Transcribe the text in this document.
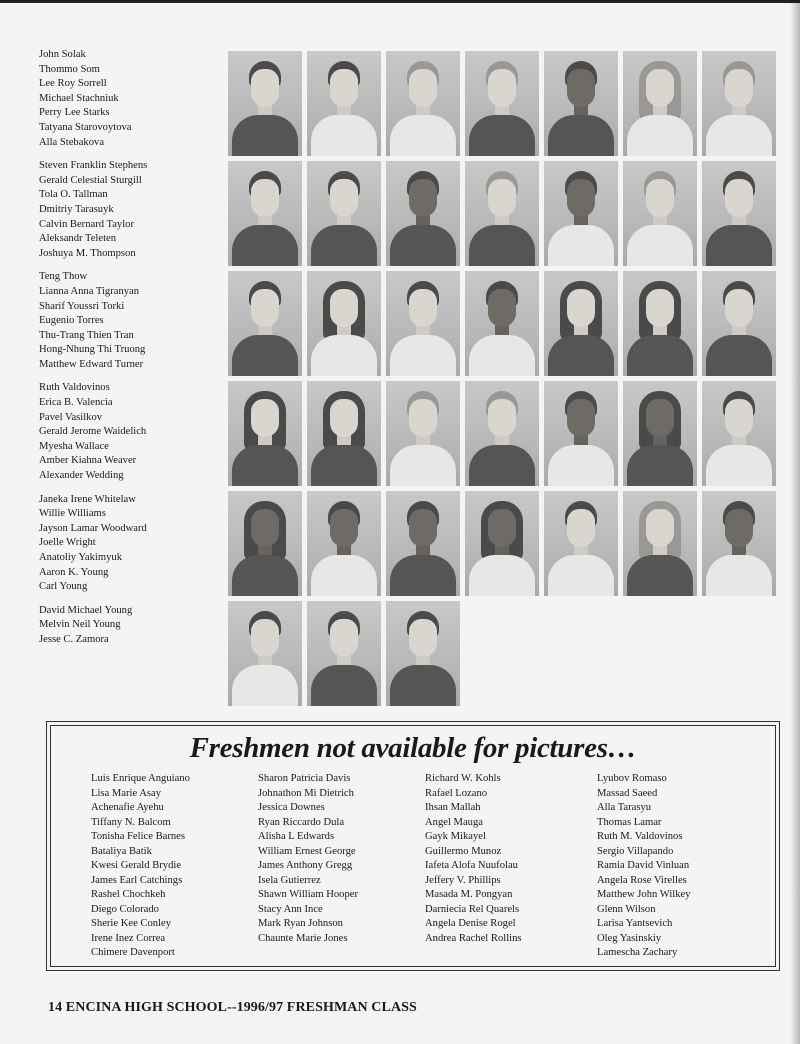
John Solak
Thommo Som
Lee Roy Sorrell
Michael Stachniuk
Perry Lee Starks
Tatyana Starovoytova
Alla Stebakova
Steven Franklin Stephens
Gerald Celestial Sturgill
Tola O. Tallman
Dmitriy Tarasuyk
Calvin Bernard Taylor
Aleksandr Teleten
Joshuya M. Thompson
Teng Thow
Lianna Anna Tigranyan
Sharif Youssri Torki
Eugenio Torres
Thu-Trang Thien Tran
Hong-Nhung Thi Truong
Matthew Edward Turner
Ruth Valdovinos
Erica B. Valencia
Pavel Vasilkov
Gerald Jerome Waidelich
Myesha Wallace
Amber Kiahna Weaver
Alexander Wedding
Janeka Irene Whitelaw
Willie Williams
Jayson Lamar Woodward
Joelle Wright
Anatoliy Yakimyuk
Aaron K. Young
Carl Young
David Michael Young
Melvin Neil Young
Jesse C. Zamora
Freshmen not available for pictures…
Luis Enrique Anguiano
Lisa Marie Asay
Achenafie Ayehu
Tiffany N. Balcom
Tonisha Felice Barnes
Bataliya Batik
Kwesi Gerald Brydie
James Earl Catchings
Rashel Chochkeh
Diego Colorado
Sherie Kee Conley
Irene Inez Correa
Chimere Davenport
Sharon Patricia Davis
Johnathon Mi Dietrich
Jessica Downes
Ryan Riccardo Dula
Alisha L Edwards
William Ernest George
James Anthony Gregg
Isela Gutierrez
Shawn William Hooper
Stacy Ann Ince
Mark Ryan Johnson
Chaunte Marie Jones
Richard W. Kohls
Rafael Lozano
Ihsan Mallah
Angel Mauga
Gayk Mikayel
Guillermo Munoz
Iafeta Alofa Nuufolau
Jeffery V. Phillips
Masada M. Pongyan
Darniecia Rel Quarels
Angela Denise Rogel
Andrea Rachel Rollins
Lyubov Romaso
Massad Saeed
Alla Tarasyu
Thomas Lamar
Ruth M. Valdovinos
Sergio Villapando
Ramia David Vinluan
Angela Rose Virelles
Matthew John Wilkey
Glenn Wilson
Larisa Yantsevich
Oleg Yasinskiy
Lamescha Zachary
14 ENCINA HIGH SCHOOL--1996/97 FRESHMAN CLASS
